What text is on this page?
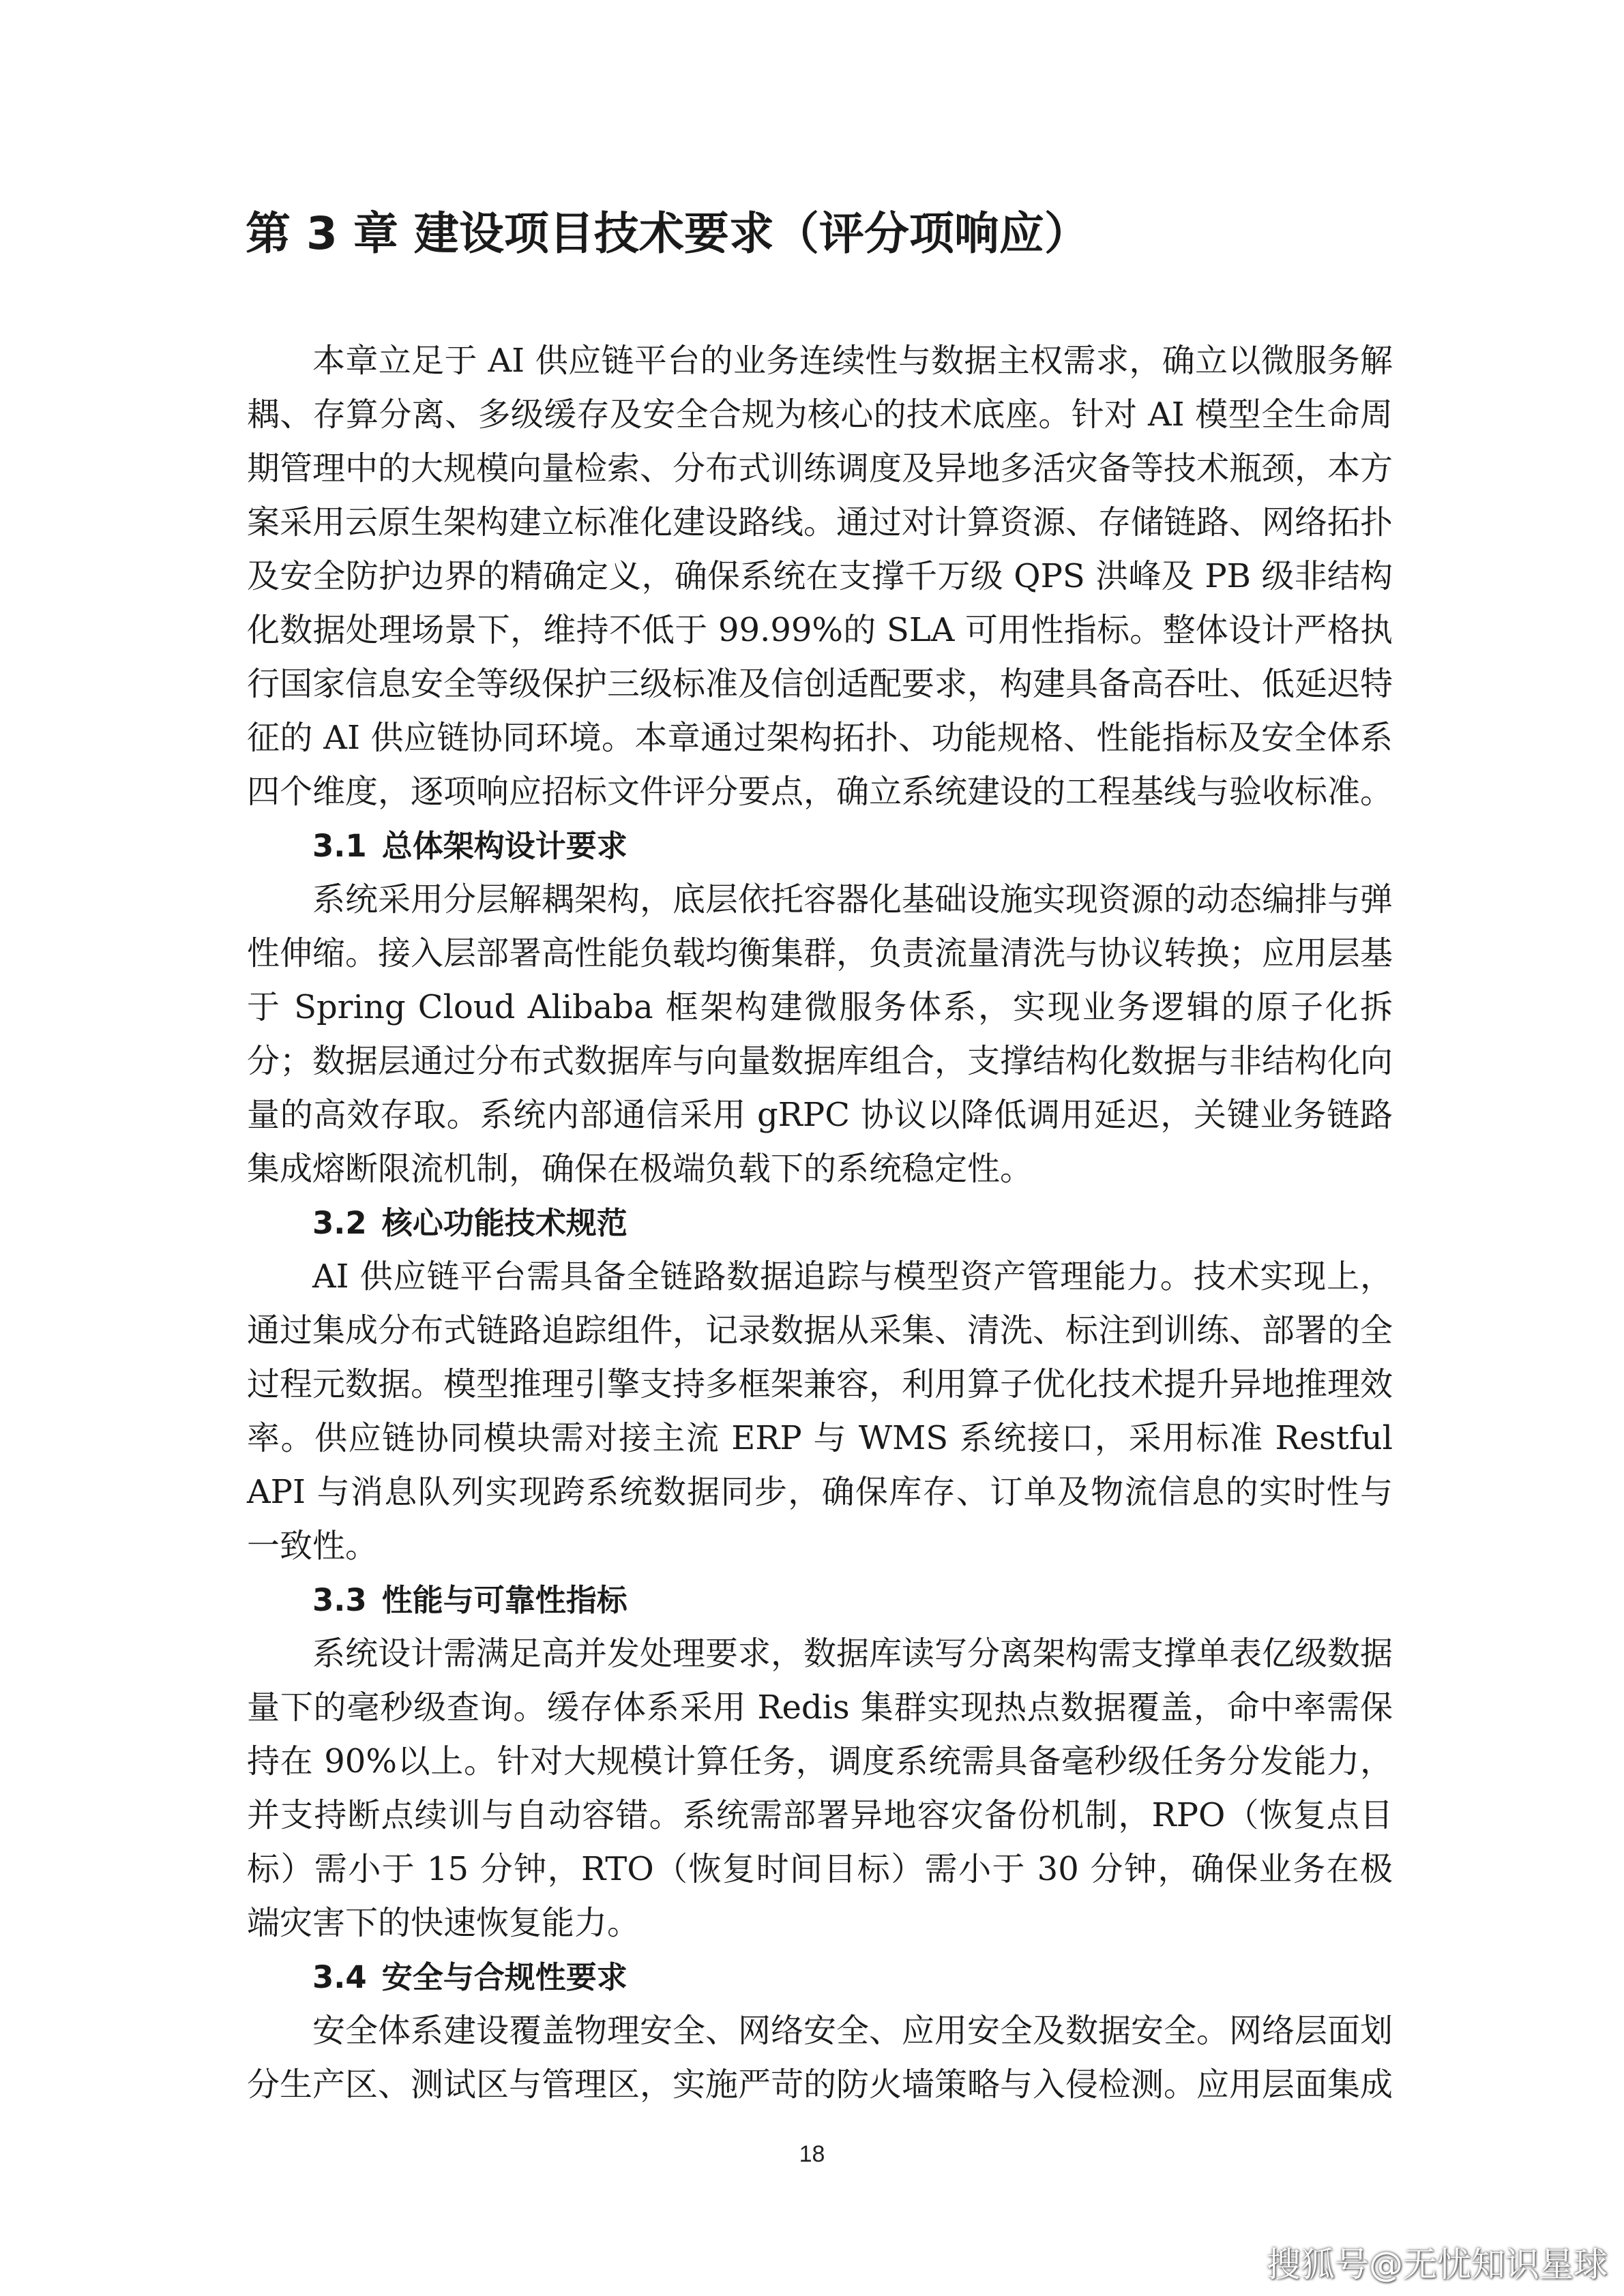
第 3 章 建设项目技术要求（评分项响应）

本章立足于 AI 供应链平台的业务连续性与数据主权需求，确立以微服务解耦、存算分离、多级缓存及安全合规为核心的技术底座。针对 AI 模型全生命周期管理中的大规模向量检索、分布式训练调度及异地多活灾备等技术瓶颈，本方案采用云原生架构建立标准化建设路线。通过对计算资源、存储链路、网络拓扑及安全防护边界的精确定义，确保系统在支撑千万级 QPS 洪峰及 PB 级非结构化数据处理场景下，维持不低于 99.99%的 SLA 可用性指标。整体设计严格执行国家信息安全等级保护三级标准及信创适配要求，构建具备高吞吐、低延迟特征的 AI 供应链协同环境。本章通过架构拓扑、功能规格、性能指标及安全体系四个维度，逐项响应招标文件评分要点，确立系统建设的工程基线与验收标准。

3.1 总体架构设计要求

系统采用分层解耦架构，底层依托容器化基础设施实现资源的动态编排与弹性伸缩。接入层部署高性能负载均衡集群，负责流量清洗与协议转换；应用层基于 Spring Cloud Alibaba 框架构建微服务体系，实现业务逻辑的原子化拆分；数据层通过分布式数据库与向量数据库组合，支撑结构化数据与非结构化向量的高效存取。系统内部通信采用 gRPC 协议以降低调用延迟，关键业务链路集成熔断限流机制，确保在极端负载下的系统稳定性。

3.2 核心功能技术规范

AI 供应链平台需具备全链路数据追踪与模型资产管理能力。技术实现上，通过集成分布式链路追踪组件，记录数据从采集、清洗、标注到训练、部署的全过程元数据。模型推理引擎支持多框架兼容，利用算子优化技术提升异地推理效率。供应链协同模块需对接主流 ERP 与 WMS 系统接口，采用标准 Restful API 与消息队列实现跨系统数据同步，确保库存、订单及物流信息的实时性与一致性。

3.3 性能与可靠性指标

系统设计需满足高并发处理要求，数据库读写分离架构需支撑单表亿级数据量下的毫秒级查询。缓存体系采用 Redis 集群实现热点数据覆盖，命中率需保持在 90%以上。针对大规模计算任务，调度系统需具备毫秒级任务分发能力，并支持断点续训与自动容错。系统需部署异地容灾备份机制，RPO（恢复点目标）需小于 15 分钟，RTO（恢复时间目标）需小于 30 分钟，确保业务在极端灾害下的快速恢复能力。

3.4 安全与合规性要求

安全体系建设覆盖物理安全、网络安全、应用安全及数据安全。网络层面划分生产区、测试区与管理区，实施严苛的防火墙策略与入侵检测。应用层面集成

18
搜狐号@无忧知识星球
